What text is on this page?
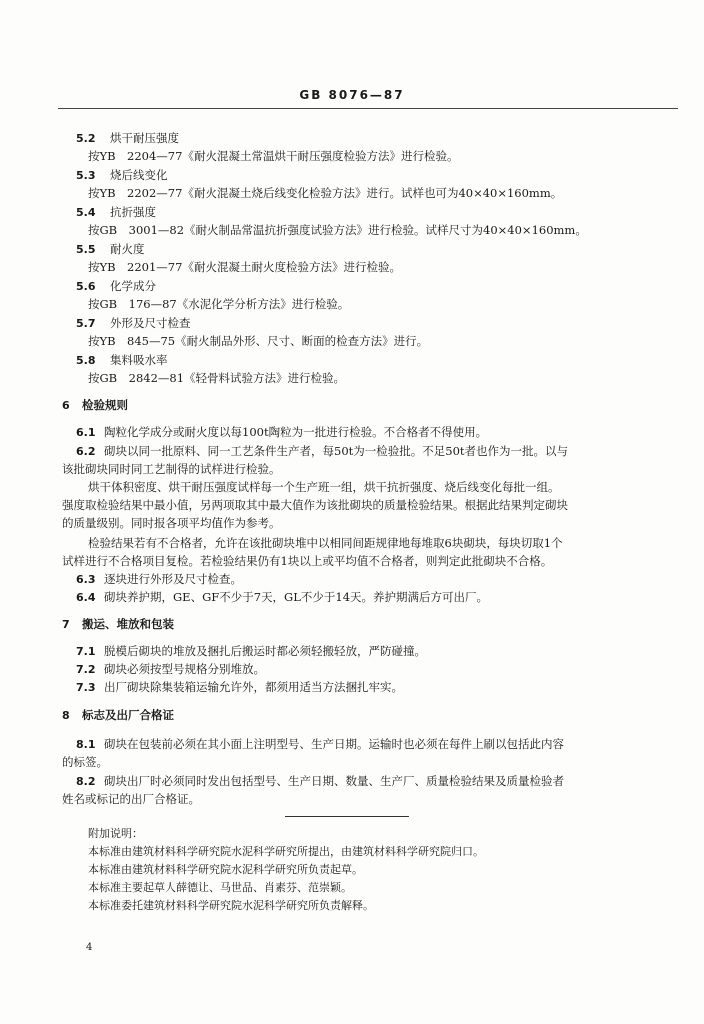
GB 8076—87
5.2 烘干耐压强度
按YB　2204—77《耐火混凝土常温烘干耐压强度检验方法》进行检验。
5.3 烧后线变化
按YB　2202—77《耐火混凝土烧后线变化检验方法》进行。试样也可为40×40×160mm。
5.4 抗折强度
按GB　3001—82《耐火制品常温抗折强度试验方法》进行检验。试样尺寸为40×40×160mm。
5.5 耐火度
按YB　2201—77《耐火混凝土耐火度检验方法》进行检验。
5.6 化学成分
按GB　176—87《水泥化学分析方法》进行检验。
5.7 外形及尺寸检查
按YB　845—75《耐火制品外形、尺寸、断面的检查方法》进行。
5.8 集料吸水率
按GB　2842—81《轻骨料试验方法》进行检验。
6 检验规则
6.1 陶粒化学成分或耐火度以每100t陶粒为一批进行检验。不合格者不得使用。
6.2 砌块以同一批原料、同一工艺条件生产者，每50t为一检验批。不足50t者也作为一批。以与
该批砌块同时同工艺制得的试样进行检验。
烘干体积密度、烘干耐压强度试样每一个生产班一组，烘干抗折强度、烧后线变化每批一组。
强度取检验结果中最小值，另两项取其中最大值作为该批砌块的质量检验结果。根据此结果判定砌块
的质量级别。同时报各项平均值作为参考。
检验结果若有不合格者，允许在该批砌块堆中以相同间距规律地每堆取6块砌块，每块切取1个
试样进行不合格项目复检。若检验结果仍有1块以上或平均值不合格者，则判定此批砌块不合格。
6.3 逐块进行外形及尺寸检查。
6.4 砌块养护期，GE、GF不少于7天，GL不少于14天。养护期满后方可出厂。
7 搬运、堆放和包装
7.1 脱模后砌块的堆放及捆扎后搬运时都必须轻搬轻放，严防碰撞。
7.2 砌块必须按型号规格分别堆放。
7.3 出厂砌块除集装箱运输允许外，都须用适当方法捆扎牢实。
8 标志及出厂合格证
8.1 砌块在包装前必须在其小面上注明型号、生产日期。运输时也必须在每件上刷以包括此内容
的标签。
8.2 砌块出厂时必须同时发出包括型号、生产日期、数量、生产厂、质量检验结果及质量检验者
姓名或标记的出厂合格证。
附加说明：
本标准由建筑材料科学研究院水泥科学研究所提出，由建筑材料科学研究院归口。
本标准由建筑材料科学研究院水泥科学研究所负责起草。
本标准主要起草人薛德让、马世品、肖素芬、范崇颖。
本标准委托建筑材料科学研究院水泥科学研究所负责解释。
4
